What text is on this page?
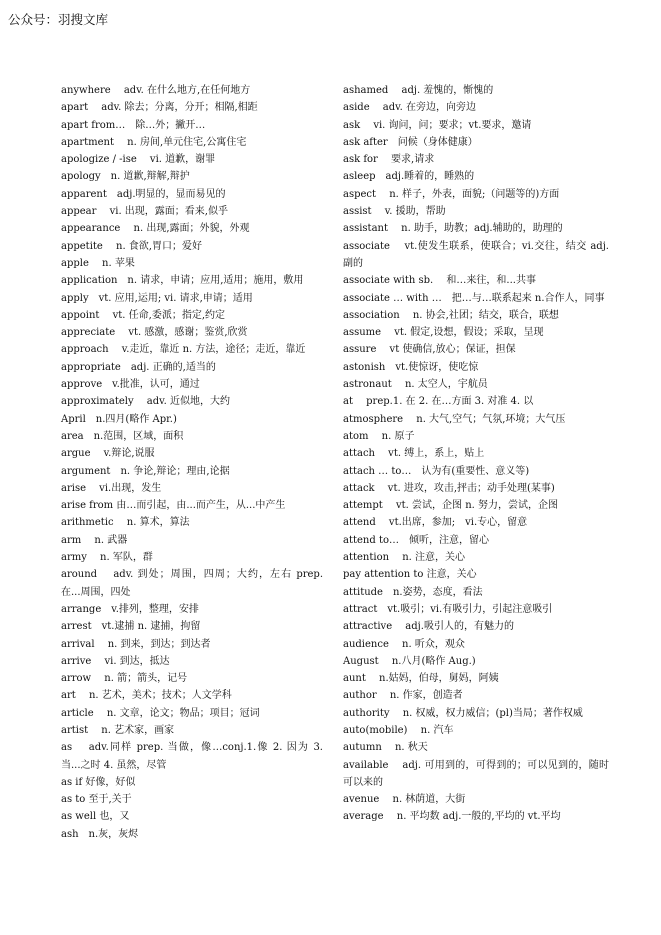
公众号：羽搜文库
anywhere　 adv. 在什么地方,在任何地方
apart　 adv. 除去；分离，分开；相隔,相距
apart from…　除…外；撇开…
apartment　 n. 房间,单元住宅,公寓住宅
apologize / -ise　 vi. 道歉，谢罪
apology　n. 道歉,辩解,辩护
apparent　adj.明显的，显而易见的
appear　 vi. 出现，露面；看来,似乎
appearance　 n. 出现,露面；外貌，外观
appetite　 n. 食欲,胃口；爱好
apple　 n. 苹果
application　n. 请求，申请；应用,适用；施用，敷用
apply　vt. 应用,运用; vi. 请求,申请；适用
appoint　 vt. 任命,委派；指定,约定
appreciate　 vt. 感激，感谢；鉴赏,欣赏
approach　 v.走近，靠近 n. 方法，途径；走近，靠近
appropriate　adj. 正确的,适当的
approve　v.批准，认可，通过
approximately　 adv. 近似地，大约
April　n.四月(略作 Apr.)
area　n.范围，区域，面积
argue　 v.辩论,说服
argument　n. 争论,辩论；理由,论据
arise　 vi.出现，发生
arise from 由…而引起，由...而产生，从...中产生
arithmetic　 n. 算术，算法
arm　 n. 武器
army　 n. 军队，群
around　 adv. 到处；周围，四周；大约，左右 prep. 在...周围，四处
arrange　v.排列，整理，安排
arrest　vt.逮捕 n. 逮捕，拘留
arrival　 n. 到来，到达；到达者
arrive　 vi. 到达，抵达
arrow　 n. 箭；箭头，记号
art　 n. 艺术，美术；技术；人文学科
article　 n. 文章，论文；物品；项目；冠词
artist　 n. 艺术家，画家
as　 adv.同样 prep. 当做，像…conj.1.像 2. 因为 3. 当...之时 4. 虽然，尽管
as if 好像，好似
as to 至于,关于
as well 也，又
ash　n.灰，灰烬
ashamed　 adj. 羞愧的，惭愧的
aside　 adv. 在旁边，向旁边
ask　 vi. 询问，问；要求；vt.要求，邀请
ask after　问候（身体健康）
ask for　 要求,请求
asleep　adj.睡着的，睡熟的
aspect　 n. 样子，外表，面貌;（问题等的)方面
assist　 v. 援助，帮助
assistant　 n. 助手，助教；adj.辅助的，助理的
associate　 vt.使发生联系，使联合；vi.交往，结交 adj.副的
associate with sb.　 和…来往，和...共事
associate … with …　把…与…联系起来 n.合作人，同事
association　 n. 协会,社团；结交，联合，联想
assume　 vt. 假定,设想，假设；采取，呈现
assure　 vt 使确信,放心；保证，担保
astonish　vt.使惊讶，使吃惊
astronaut　 n. 太空人，宇航员
at　 prep.1. 在 2. 在…方面 3. 对准 4. 以
atmosphere　 n. 大气,空气；气氛,环境；大气压
atom　 n. 原子
attach　 vt. 缚上，系上，贴上
attach … to…　认为有(重要性、意义等)
attack　 vt. 进攻，攻击,抨击；动手处理(某事)
attempt　 vt. 尝试，企图 n. 努力，尝试，企图
attend　 vt.出席，参加;　vi.专心，留意
attend to…　倾听，注意，留心
attention　 n. 注意，关心
pay attention to 注意，关心
attitude　n.姿势，态度，看法
attract　vt.吸引；vi.有吸引力，引起注意吸引
attractive　 adj.吸引人的，有魅力的
audience　 n. 听众，观众
August　 n.八月(略作 Aug.)
aunt　 n.姑妈，伯母，舅妈，阿姨
author　 n. 作家，创造者
authority　 n. 权威，权力威信；(pl)当局；著作权威
auto(mobile)　 n. 汽车
autumn　 n. 秋天
available　 adj. 可用到的，可得到的；可以见到的，随时可以来的
avenue　 n. 林荫道，大街
average　 n. 平均数 adj.一般的,平均的 vt.平均
